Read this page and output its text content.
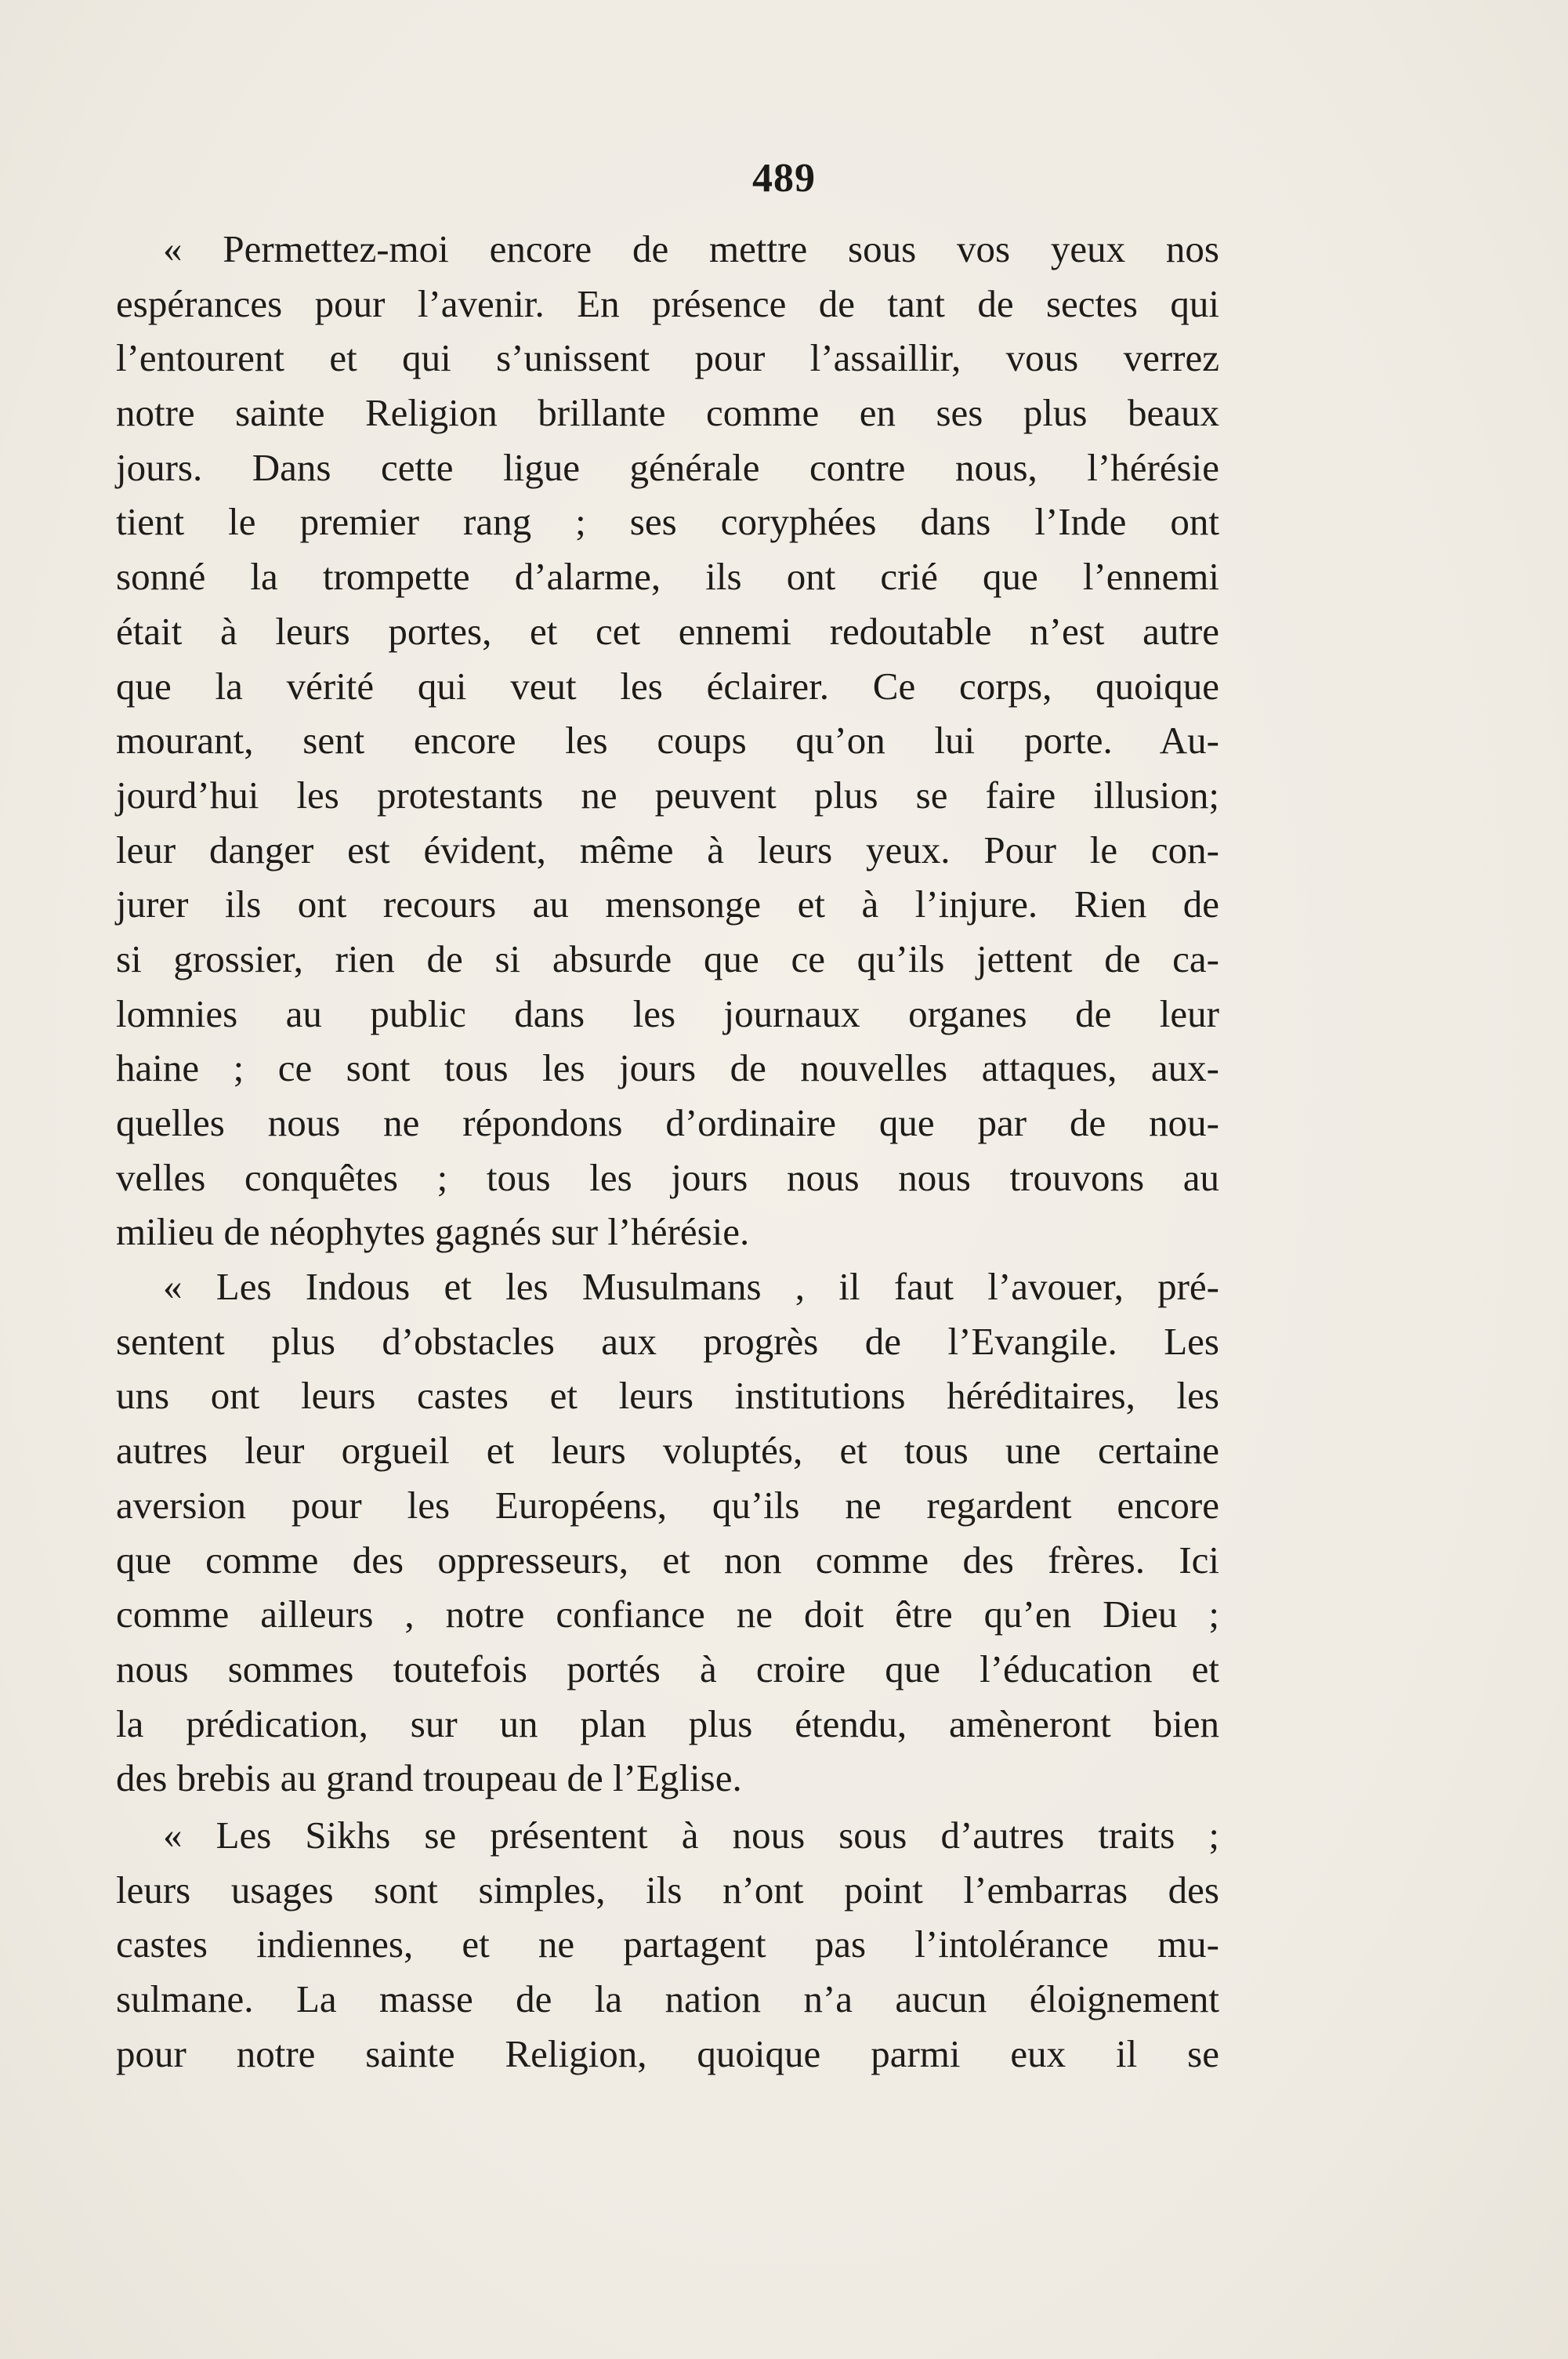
489
« Permettez-moi encore de mettre sous vos yeux nos
espérances pour l’avenir. En présence de tant de sectes qui
l’entourent et qui s’unissent pour l’assaillir, vous verrez
notre sainte Religion brillante comme en ses plus beaux
jours. Dans cette ligue générale contre nous, l’hérésie
tient le premier rang ; ses coryphées dans l’Inde ont
sonné la trompette d’alarme, ils ont crié que l’ennemi
était à leurs portes, et cet ennemi redoutable n’est autre
que la vérité qui veut les éclairer. Ce corps, quoique
mourant, sent encore les coups qu’on lui porte. Au-
jourd’hui les protestants ne peuvent plus se faire illusion;
leur danger est évident, même à leurs yeux. Pour le con-
jurer ils ont recours au mensonge et à l’injure. Rien de
si grossier, rien de si absurde que ce qu’ils jettent de ca-
lomnies au public dans les journaux organes de leur
haine ; ce sont tous les jours de nouvelles attaques, aux-
quelles nous ne répondons d’ordinaire que par de nou-
velles conquêtes ; tous les jours nous nous trouvons au
milieu de néophytes gagnés sur l’hérésie.
« Les Indous et les Musulmans , il faut l’avouer, pré-
sentent plus d’obstacles aux progrès de l’Evangile. Les
uns ont leurs castes et leurs institutions héréditaires, les
autres leur orgueil et leurs voluptés, et tous une certaine
aversion pour les Européens, qu’ils ne regardent encore
que comme des oppresseurs, et non comme des frères. Ici
comme ailleurs , notre confiance ne doit être qu’en Dieu ;
nous sommes toutefois portés à croire que l’éducation et
la prédication, sur un plan plus étendu, amèneront bien
des brebis au grand troupeau de l’Eglise.
« Les Sikhs se présentent à nous sous d’autres traits ;
leurs usages sont simples, ils n’ont point l’embarras des
castes indiennes, et ne partagent pas l’intolérance mu-
sulmane. La masse de la nation n’a aucun éloignement
pour notre sainte Religion, quoique parmi eux il se
